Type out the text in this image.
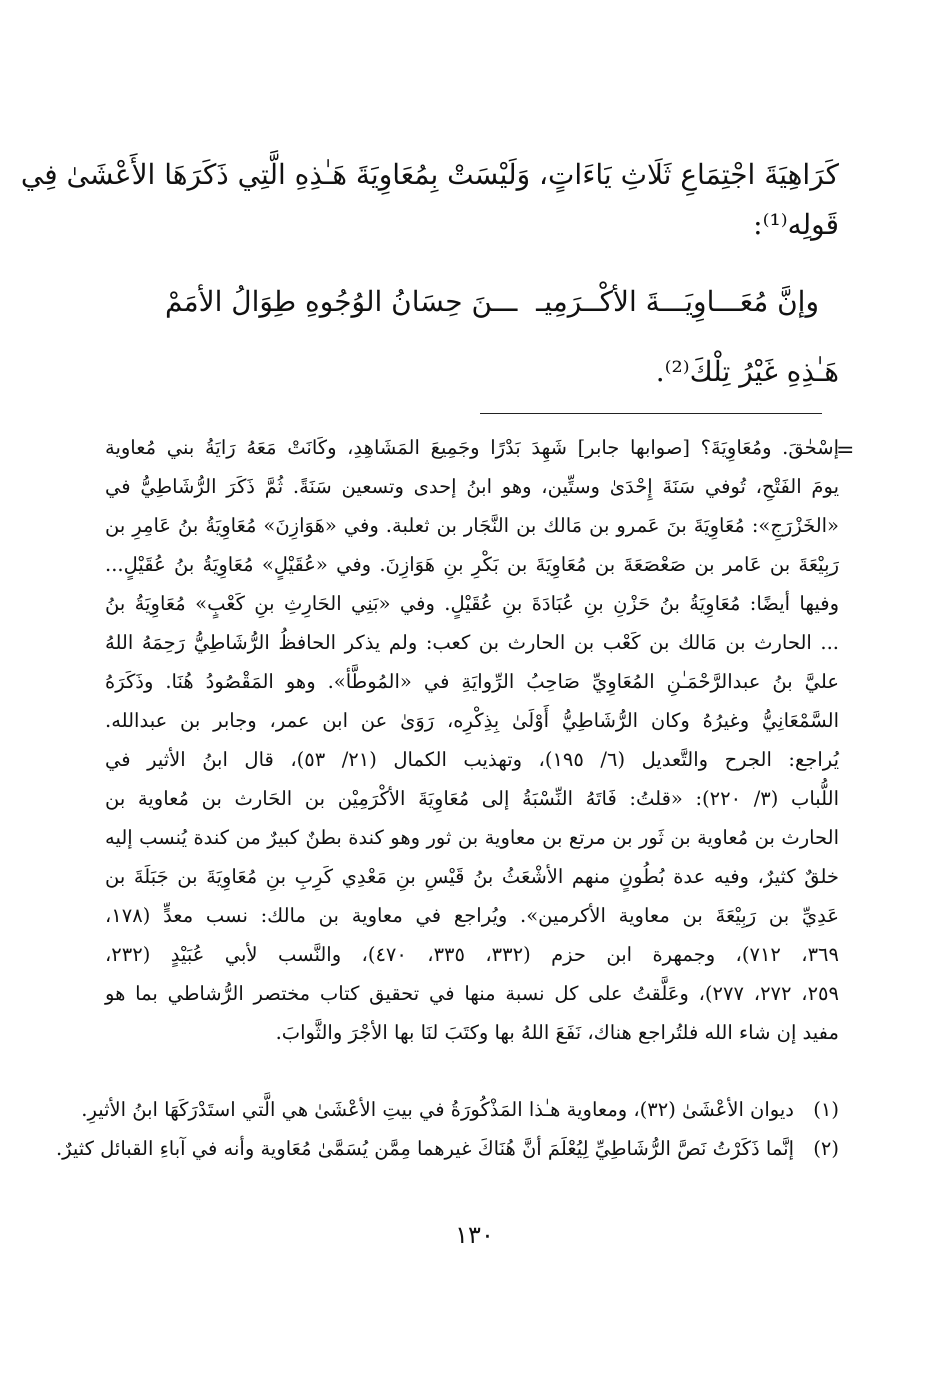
كَرَاهِيَةَ اجْتِمَاعِ ثَلَاثِ يَاءَاتٍ، وَلَيْسَتْ بِمُعَاوِيَةَ هَـٰذِهِ الَّتِي ذَكَرَهَا الأَعْشَىٰ فِي
قَولِه⁽¹⁾:
وإنَّ مُعَـــاوِيَـــةَ الأكْــرَمِيـ
ـــنَ حِسَانُ الوُجُوهِ طِوَالُ الأمَمْ
هَـٰذِهِ غَيْرُ تِلْكَ⁽²⁾.
=
إسْحٰقَ. ومُعَاوِيَةَ؟ [صوابها جابر] شَهِدَ بَدْرًا وجَمِيعَ المَشَاهِدِ، وكَانَتْ مَعَهُ رَايَةُ بني مُعاوية
يومَ الفَتْحِ، تُوفي سَنَةَ إِحْدَىٰ وستِّين، وهو ابنُ إحدى وتسعين سَنَةً. ثُمَّ ذَكَرَ الرُّشَاطِيُّ في
«الخَزْرَجِ»: مُعَاوِيَةَ بنَ عَمرو بن مَالك بن النَّجَار بن ثعلبة. وفي «هَوَازِنَ» مُعَاوِيَةُ بنُ عَامِرِ بن
رَبِيْعَةَ بن عَامر بن صَعْصَعَةَ بن مُعَاوِيَةَ بن بَكْرِ بنِ هَوَازِنَ. وفي «عُقَيْلٍ» مُعَاوِيَةُ بنُ عُقَيْلٍ...
وفيها أيضًا: مُعَاوِيَةُ بنُ حَزْنِ بنِ عُبَادَةَ بنِ عُقَيْلٍ. وفي «بَنِي الحَارِثِ بنِ كَعْبٍ» مُعَاوِيَةُ بنُ
... الحارث بن مَالك بن كَعْب بن الحارث بن كعب: ولم يذكر الحافظُ الرُّشَاطِيُّ رَحِمَهُ اللهُ
عليَّ بنُ عبدالرَّحْمَـٰنِ المُعَاوِيِّ صَاحِبُ الرِّوايَةِ في «المُوطَّأ». وهو المَقْصُودُ هُنَا. وذَكَرَهُ
السَّمْعَانِيُّ وغيرُهُ وكان الرُّشَاطِيُّ أَوْلَىٰ بِذِكْرِه، رَوَىٰ عن ابن عمر، وجابر بن عبدالله.
يُراجع: الجرح والتَّعديل (٦/ ١٩٥)، وتهذيب الكمال (٢١/ ٥٣)، قال ابنُ الأثير في
اللُّباب (٣/ ٢٢٠): «قلتُ: فَاتَهُ النِّسْبَةُ إلى مُعَاوِيَةَ الأكْرَمِيْن بن الحَارث بن مُعاوية بن
الحارث بن مُعاوية بن ثَور بن مرتع بن معاوية بن ثور وهو كندة بطنٌ كبيرٌ من كندة يُنسب إليه
خلقٌ كثيرٌ، وفيه عدة بُطُونٍ منهم الأشْعَثُ بنُ قَيْسِ بنِ مَعْدِي كَرِبِ بنِ مُعَاوِيَةَ بن جَبَلَةَ بن
عَدِيِّ بن رَبِيْعَةَ بن معاوية الأكرمين». ويُراجع في معاوية بن مالك: نسب معدٍّ (١٧٨،
٣٦٩، ٧١٢)، وجمهرة ابن حزم (٣٣٢، ٣٣٥، ٤٧٠)، والنَّسب لأبي عُبَيْدٍ (٢٣٢،
٢٥٩، ٢٧٢، ٢٧٧)، وعَلَّقتُ على كل نسبة منها في تحقيق كتاب مختصر الرُّشاطي بما هو
مفيد إن شاء الله فلتُراجع هناك، نَفَعَ اللهُ بها وكتَبَ لنَا بها الأجْرَ والثَّوابَ.
(١)
ديوان الأعْشَىٰ (٣٢)، ومعاوية هـٰذا المَذْكُورَةُ في بيتِ الأعْشَىٰ هي الَّتي استَدْرَكَهَا ابنُ الأثيرِ.
(٢)
إنَّما ذَكَرْتُ نَصَّ الرُّشَاطِيِّ لِيُعْلَمَ أنَّ هُنَاكَ غيرهما مِمَّن يُسَمَّىٰ مُعَاوية وأنه في آباءِ القبائل كثيرٌ.
١٣٠
